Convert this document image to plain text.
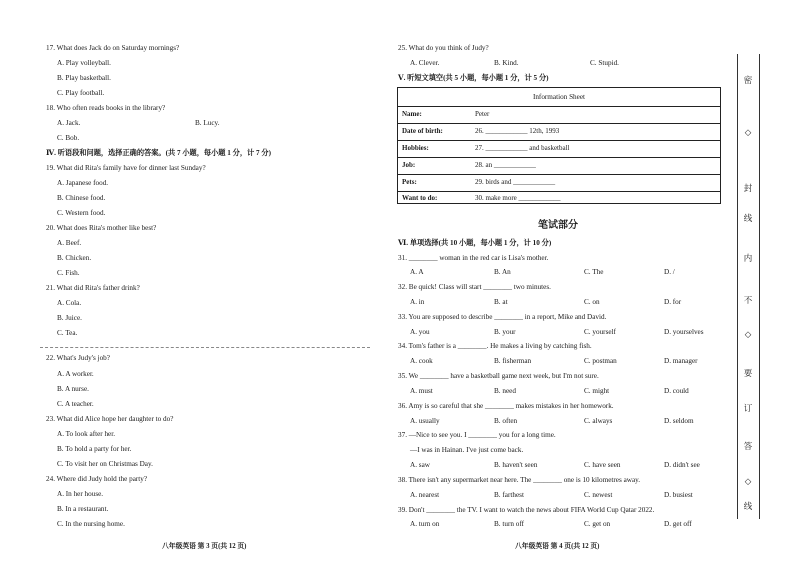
17. What does Jack do on Saturday mornings?
A. Play volleyball.
B. Play basketball.
C. Play football.
18. Who often reads books in the library?
A. Jack.	B. Lucy.
C. Bob.
Ⅳ. 听语段和问题，选择正确的答案。(共 7 小题，每小题 1 分，计 7 分)
19. What did Rita's family have for dinner last Sunday?
A. Japanese food.
B. Chinese food.
C. Western food.
20. What does Rita's mother like best?
A. Beef.
B. Chicken.
C. Fish.
21. What did Rita's father drink?
A. Cola.
B. Juice.
C. Tea.
22. What's Judy's job?
A. A worker.
B. A nurse.
C. A teacher.
23. What did Alice hope her daughter to do?
A. To look after her.
B. To hold a party for her.
C. To visit her on Christmas Day.
24. Where did Judy hold the party?
A. In her house.
B. In a restaurant.
C. In the nursing home.
八年级英语 第 3 页(共 12 页)
25. What do you think of Judy?
A. Clever.	B. Kind.	C. Stupid.
Ⅴ. 听短文填空(共 5 小题，每小题 1 分，计 5 分)
Information Sheet
Name:	Peter
Date of birth:	26. ____________ 12th, 1993
Hobbies:	27. ____________ and basketball
Job:	28. an ____________
Pets:	29. birds and ____________
Want to do:	30. make more ____________
笔试部分
Ⅵ. 单项选择(共 10 小题，每小题 1 分，计 10 分)
31. ________ woman in the red car is Lisa's mother.
A. A	B. An	C. The	D. /
32. Be quick! Class will start ________ two minutes.
A. in	B. at	C. on	D. for
33. You are supposed to describe ________ in a report, Mike and David.
A. you	B. your	C. yourself	D. yourselves
34. Tom's father is a ________. He makes a living by catching fish.
A. cook	B. fisherman	C. postman	D. manager
35. We ________ have a basketball game next week, but I'm not sure.
A. must	B. need	C. might	D. could
36. Amy is so careful that she ________ makes mistakes in her homework.
A. usually	B. often	C. always	D. seldom
37. —Nice to see you. I ________ you for a long time.
—I was in Hainan. I've just come back.
A. saw	B. haven't seen	C. have seen	D. didn't see
38. There isn't any supermarket near here. The ________ one is 10 kilometres away.
A. nearest	B. farthest	C. newest	D. busiest
39. Don't ________ the TV. I want to watch the news about FIFA World Cup Qatar 2022.
A. turn on	B. turn off	C. get on	D. get off
八年级英语 第 4 页(共 12 页)
密
◇
封
线
内
不
◇
要
订
答
◇
线
